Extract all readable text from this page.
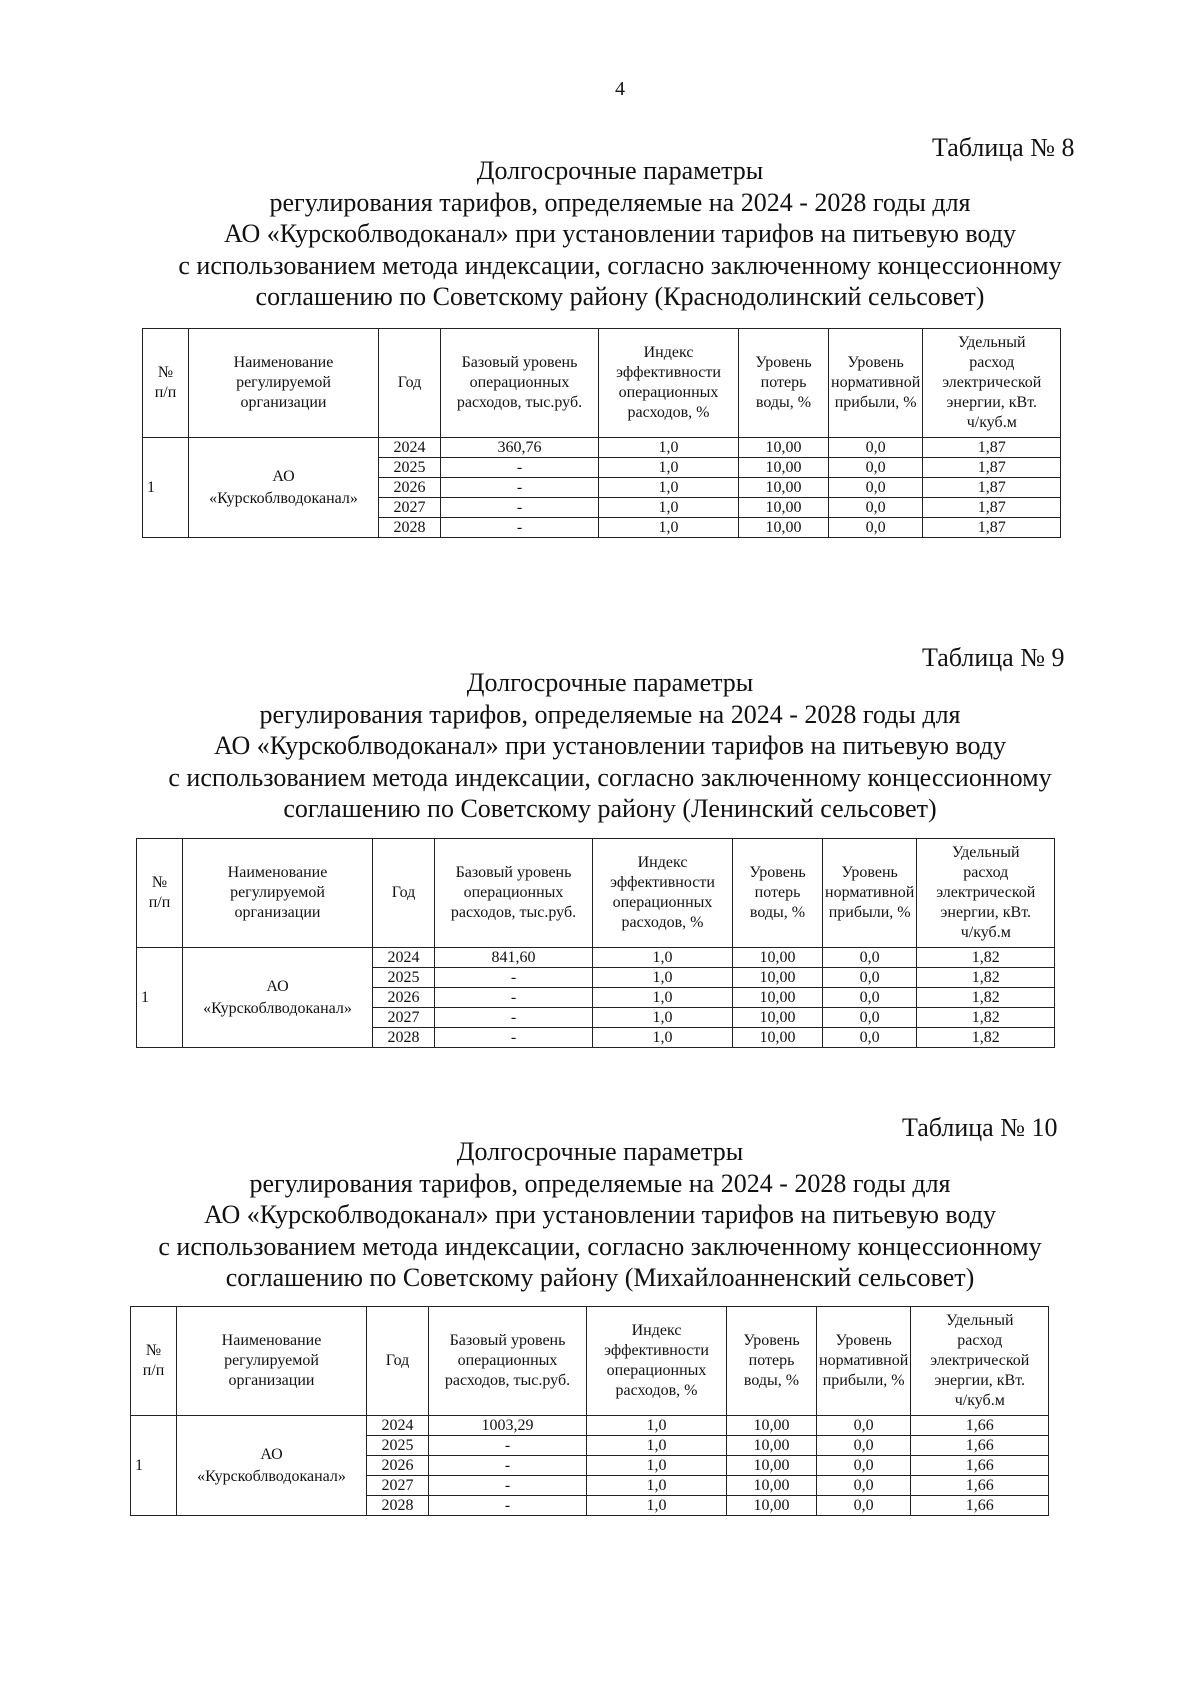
4
Таблица № 8
Долгосрочные параметры
регулирования тарифов, определяемые на 2024 - 2028 годы для
АО «Курскоблводоканал» при установлении тарифов на питьевую воду
с использованием метода индексации, согласно заключенному концессионному
соглашению по Советскому району (Краснодолинский сельсовет)
№
п/п	Наименование
регулируемой
организации	Год	Базовый уровень
операционных
расходов, тыс.руб.	Индекс
эффективности
операционных
расходов, %	Уровень
потерь
воды, %	Уровень
нормативной
прибыли, %	Удельный
расход
электрической
энергии, кВт.
ч/куб.м
1	АО
«Курскоблводоканал»	2024	360,76	1,0	10,00	0,0	1,87
		2025	-	1,0	10,00	0,0	1,87
		2026	-	1,0	10,00	0,0	1,87
		2027	-	1,0	10,00	0,0	1,87
		2028	-	1,0	10,00	0,0	1,87
Таблица № 9
Долгосрочные параметры
регулирования тарифов, определяемые на 2024 - 2028 годы для
АО «Курскоблводоканал» при установлении тарифов на питьевую воду
с использованием метода индексации, согласно заключенному концессионному
соглашению по Советскому району (Ленинский сельсовет)
№
п/п	Наименование
регулируемой
организации	Год	Базовый уровень
операционных
расходов, тыс.руб.	Индекс
эффективности
операционных
расходов, %	Уровень
потерь
воды, %	Уровень
нормативной
прибыли, %	Удельный
расход
электрической
энергии, кВт.
ч/куб.м
1	АО
«Курскоблводоканал»	2024	841,60	1,0	10,00	0,0	1,82
		2025	-	1,0	10,00	0,0	1,82
		2026	-	1,0	10,00	0,0	1,82
		2027	-	1,0	10,00	0,0	1,82
		2028	-	1,0	10,00	0,0	1,82
Таблица № 10
Долгосрочные параметры
регулирования тарифов, определяемые на 2024 - 2028 годы для
АО «Курскоблводоканал» при установлении тарифов на питьевую воду
с использованием метода индексации, согласно заключенному концессионному
соглашению по Советскому району (Михайлоанненский сельсовет)
№
п/п	Наименование
регулируемой
организации	Год	Базовый уровень
операционных
расходов, тыс.руб.	Индекс
эффективности
операционных
расходов, %	Уровень
потерь
воды, %	Уровень
нормативной
прибыли, %	Удельный
расход
электрической
энергии, кВт.
ч/куб.м
1	АО
«Курскоблводоканал»	2024	1003,29	1,0	10,00	0,0	1,66
		2025	-	1,0	10,00	0,0	1,66
		2026	-	1,0	10,00	0,0	1,66
		2027	-	1,0	10,00	0,0	1,66
		2028	-	1,0	10,00	0,0	1,66
